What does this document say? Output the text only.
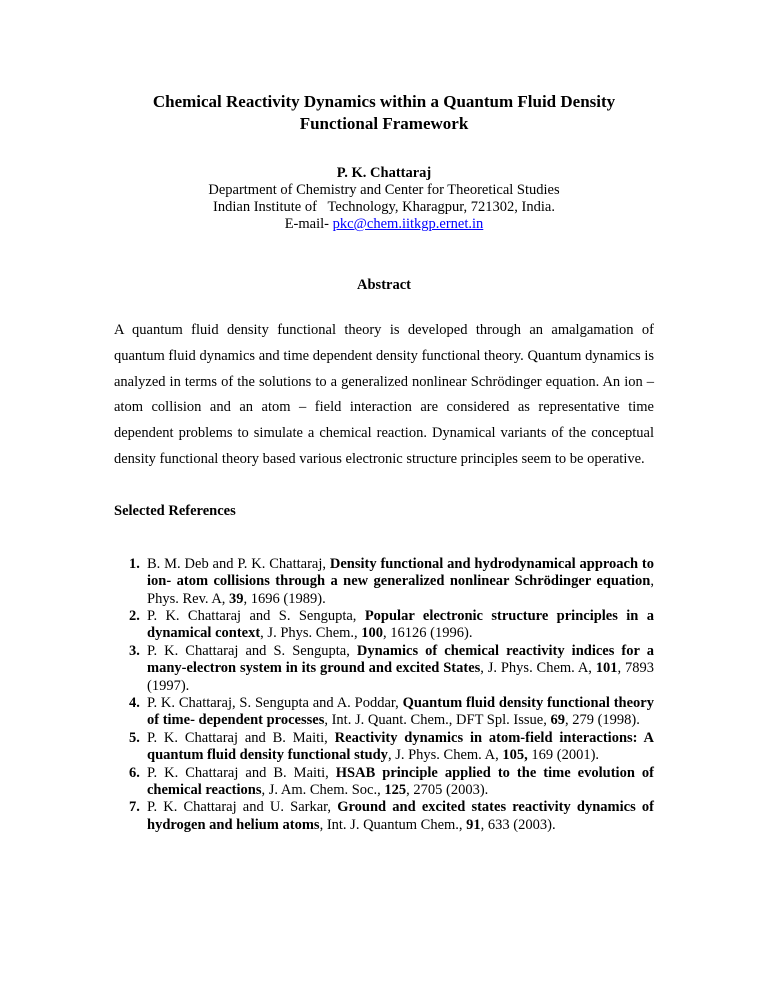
Chemical Reactivity Dynamics within a Quantum Fluid Density Functional Framework
P. K. Chattaraj
Department of Chemistry and Center for Theoretical Studies
Indian Institute of   Technology, Kharagpur, 721302, India.
E-mail- pkc@chem.iitkgp.ernet.in
Abstract

A quantum fluid density functional theory is developed through an amalgamation of quantum fluid dynamics and time dependent density functional theory. Quantum dynamics is analyzed in terms of the solutions to a generalized nonlinear Schrödinger equation. An ion – atom collision and an atom – field interaction are considered as representative time dependent problems to simulate a chemical reaction. Dynamical variants of the conceptual density functional theory based various electronic structure principles seem to be operative.

Selected References
1. B. M. Deb and P. K. Chattaraj, Density functional and hydrodynamical approach to ion- atom collisions through a new generalized nonlinear Schrödinger equation, Phys. Rev. A, 39, 1696 (1989).
2. P. K. Chattaraj and S. Sengupta, Popular electronic structure principles in a dynamical context, J. Phys. Chem., 100, 16126 (1996).
3. P. K. Chattaraj and S. Sengupta, Dynamics of chemical reactivity indices for a many-electron system in its ground and excited States, J. Phys. Chem. A, 101, 7893 (1997).
4. P. K. Chattaraj, S. Sengupta and A. Poddar, Quantum fluid density functional theory of time- dependent processes, Int. J. Quant. Chem., DFT Spl. Issue, 69, 279 (1998).
5. P. K. Chattaraj and B. Maiti, Reactivity dynamics in atom-field interactions: A quantum fluid density functional study, J. Phys. Chem. A, 105, 169 (2001).
6. P. K. Chattaraj and B. Maiti, HSAB principle applied to the time evolution of chemical reactions, J. Am. Chem. Soc., 125, 2705 (2003).
7. P. K. Chattaraj and U. Sarkar, Ground and excited states reactivity dynamics of hydrogen and helium atoms, Int. J. Quantum Chem., 91, 633 (2003).
